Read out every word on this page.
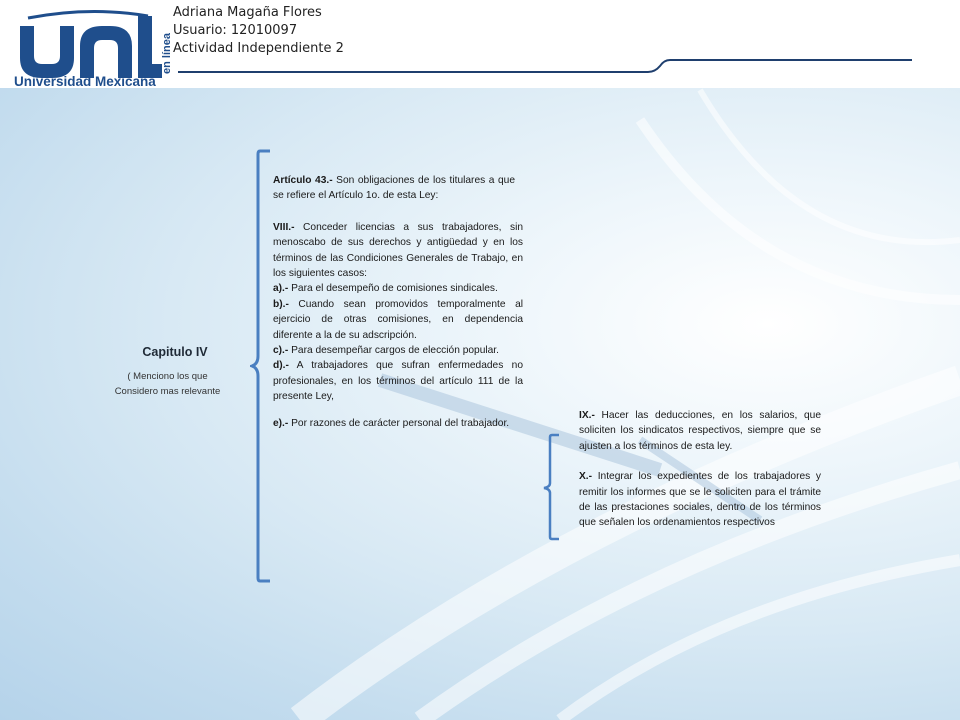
en línea
Universidad Mexicana
Adriana Magaña Flores
Usuario: 12010097
Actividad Independiente 2
Capitulo IV
( Menciono los que
Considero mas relevante

Artículo 43.- Son obligaciones de los titulares a que se refiere el Artículo 1o. de esta Ley:

VIII.- Conceder licencias a sus trabajadores, sin menoscabo de sus derechos y antigüedad y en los términos de las Condiciones Generales de Trabajo, en los siguientes casos:

a).- Para el desempeño de comisiones sindicales.

b).- Cuando sean promovidos temporalmente al ejercicio de otras comisiones, en dependencia diferente a la de su adscripción.

c).- Para desempeñar cargos de elección popular.

d).- A trabajadores que sufran enfermedades no profesionales, en los términos del artículo 111 de la presente Ley,

e).- Por razones de carácter personal del trabajador.

IX.- Hacer las deducciones, en los salarios, que soliciten los sindicatos respectivos, siempre que se ajusten a los términos de esta ley.

X.- Integrar los expedientes de los trabajadores y remitir los informes que se le soliciten para el trámite de las prestaciones sociales, dentro de los términos que señalen los ordenamientos respectivos
